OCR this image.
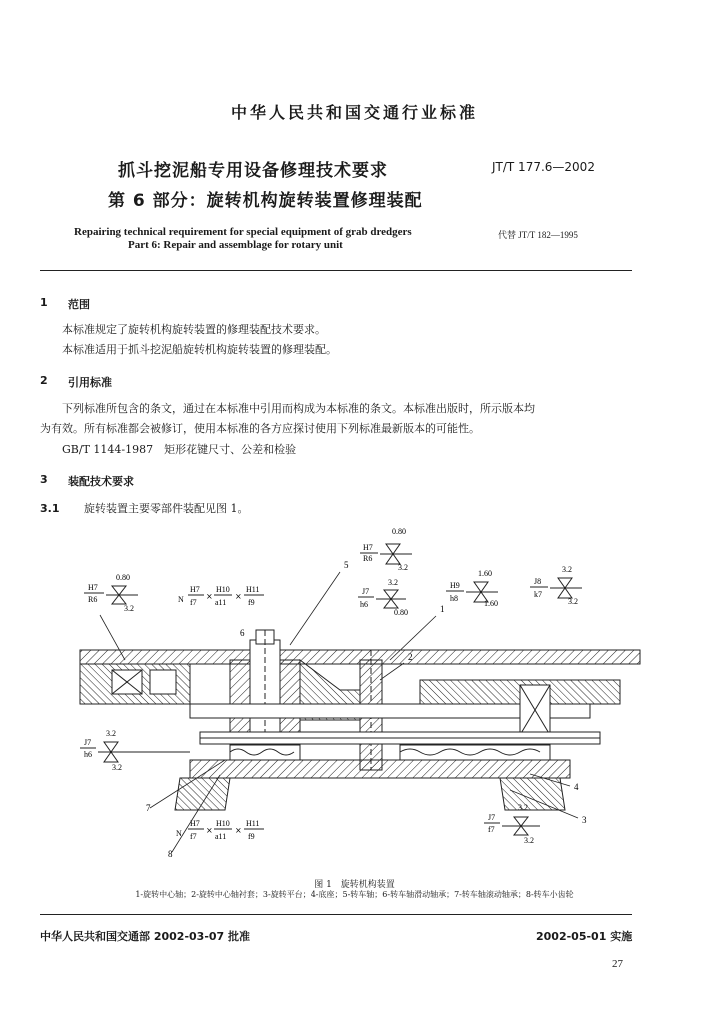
中华人民共和国交通行业标准
抓斗挖泥船专用设备修理技术要求
第 6 部分：旋转机构旋转装置修理装配
JT/T 177.6—2002
Repairing technical requirement for special equipment of grab dredgers
Part 6: Repair and assemblage for rotary unit
代替 JT/T 182—1995
1 范围
本标准规定了旋转机构旋转装置的修理装配技术要求。
本标准适用于抓斗挖泥船旋转机构旋转装置的修理装配。
2 引用标准
下列标准所包含的条文，通过在本标准中引用而构成为本标准的条文。本标准出版时，所示版本均
为有效。所有标准都会被修订，使用本标准的各方应探讨使用下列标准最新版本的可能性。
GB/T 1144-1987　矩形花键尺寸、公差和检验
3 装配技术要求
3.1 旋转装置主要零部件装配见图 1。
H7
R6
0.80
3.2
H7
R6
0.80
3.2
N
H7
f7
×
H10
a11
×
H11
f9
J7
h6
3.2
0.80
H9
h8
1.60
1.60
J8
k7
3.2
3.2
1
3
4
5
6
7
8
J7
h6
3.2
3.2
N
H7
f7
×
H10
a11
×
H11
f9
J7
f7
3.2
3.2
图 1　旋转机构装置
1-旋转中心轴；2-旋转中心轴衬套；3-旋转平台；4-底座；5-转车轴；6-转车轴滑动轴承；7-转车轴滚动轴承；8-转车小齿轮
中华人民共和国交通部 2002-03-07 批准	2002-05-01 实施
27
